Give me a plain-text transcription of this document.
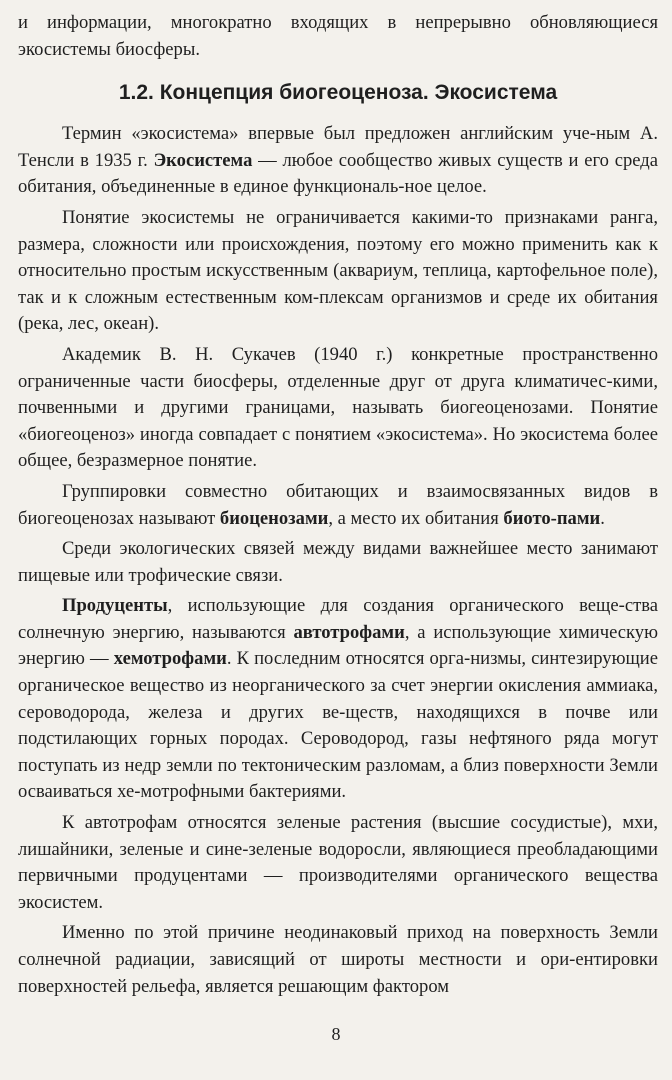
и информации, многократно входящих в непрерывно обновляющиеся экосистемы биосферы.

1.2. Концепция биогеоценоза. Экосистема

Термин «экосистема» впервые был предложен английским уче-ным А. Тенсли в 1935 г. Экосистема — любое сообщество живых существ и его среда обитания, объединенные в единое функциональ-ное целое.

Понятие экосистемы не ограничивается какими-то признаками ранга, размера, сложности или происхождения, поэтому его можно применить как к относительно простым искусственным (аквариум, теплица, картофельное поле), так и к сложным естественным ком-плексам организмов и среде их обитания (река, лес, океан).

Академик В. Н. Сукачев (1940 г.) конкретные пространственно ограниченные части биосферы, отделенные друг от друга климатичес-кими, почвенными и другими границами, называть биогеоценозами. Понятие «биогеоценоз» иногда совпадает с понятием «экосистема». Но экосистема более общее, безразмерное понятие.

Группировки совместно обитающих и взаимосвязанных видов в биогеоценозах называют биоценозами, а место их обитания биото-пами.

Среди экологических связей между видами важнейшее место занимают пищевые или трофические связи.

Продуценты, использующие для создания органического веще-ства солнечную энергию, называются автотрофами, а использующие химическую энергию — хемотрофами. К последним относятся орга-низмы, синтезирующие органическое вещество из неорганического за счет энергии окисления аммиака, сероводорода, железа и других ве-ществ, находящихся в почве или подстилающих горных породах. Сероводород, газы нефтяного ряда могут поступать из недр земли по тектоническим разломам, а близ поверхности Земли осваиваться хе-мотрофными бактериями.

К автотрофам относятся зеленые растения (высшие сосудистые), мхи, лишайники, зеленые и сине-зеленые водоросли, являющиеся преобладающими первичными продуцентами — производителями органического вещества экосистем.

Именно по этой причине неодинаковый приход на поверхность Земли солнечной радиации, зависящий от широты местности и ори-ентировки поверхностей рельефа, является решающим фактором

8
